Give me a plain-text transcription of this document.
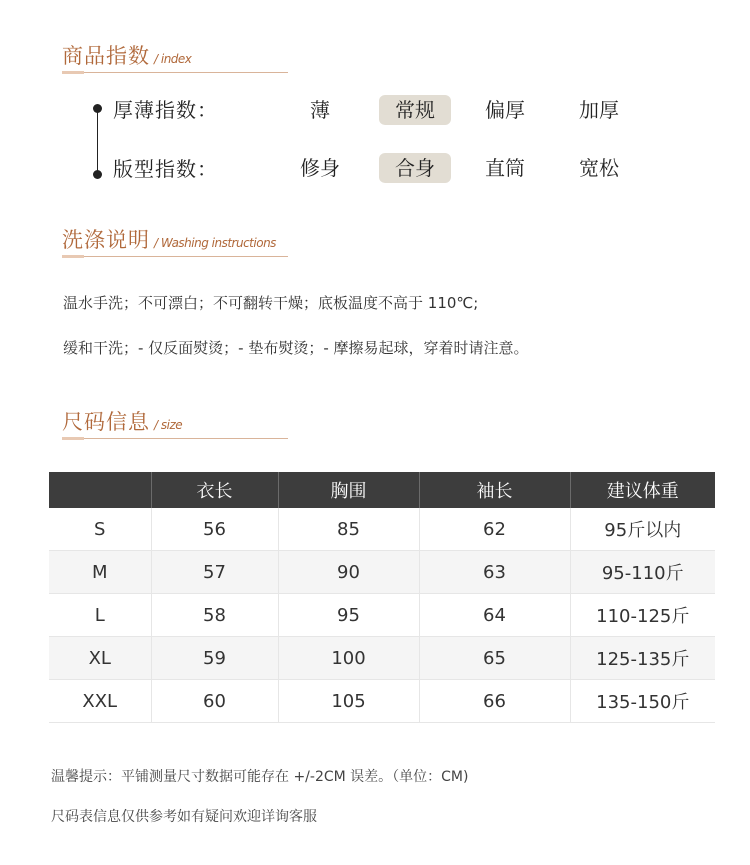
商品指数 / index
厚薄指数：	薄	常规	偏厚	加厚
版型指数：	修身	合身	直筒	宽松
洗涤说明 / Washing instructions
温水手洗；不可漂白；不可翻转干燥；底板温度不高于 110℃;
缓和干洗；- 仅反面熨烫；- 垫布熨烫；- 摩擦易起球，穿着时请注意。
尺码信息 / size
	衣长	胸围	袖长	建议体重
S	56	85	62	95斤以内
M	57	90	63	95-110斤
L	58	95	64	110-125斤
XL	59	100	65	125-135斤
XXL	60	105	66	135-150斤
温馨提示：平铺测量尺寸数据可能存在 +/-2CM 误差。（单位：CM)
尺码表信息仅供参考如有疑问欢迎详询客服
